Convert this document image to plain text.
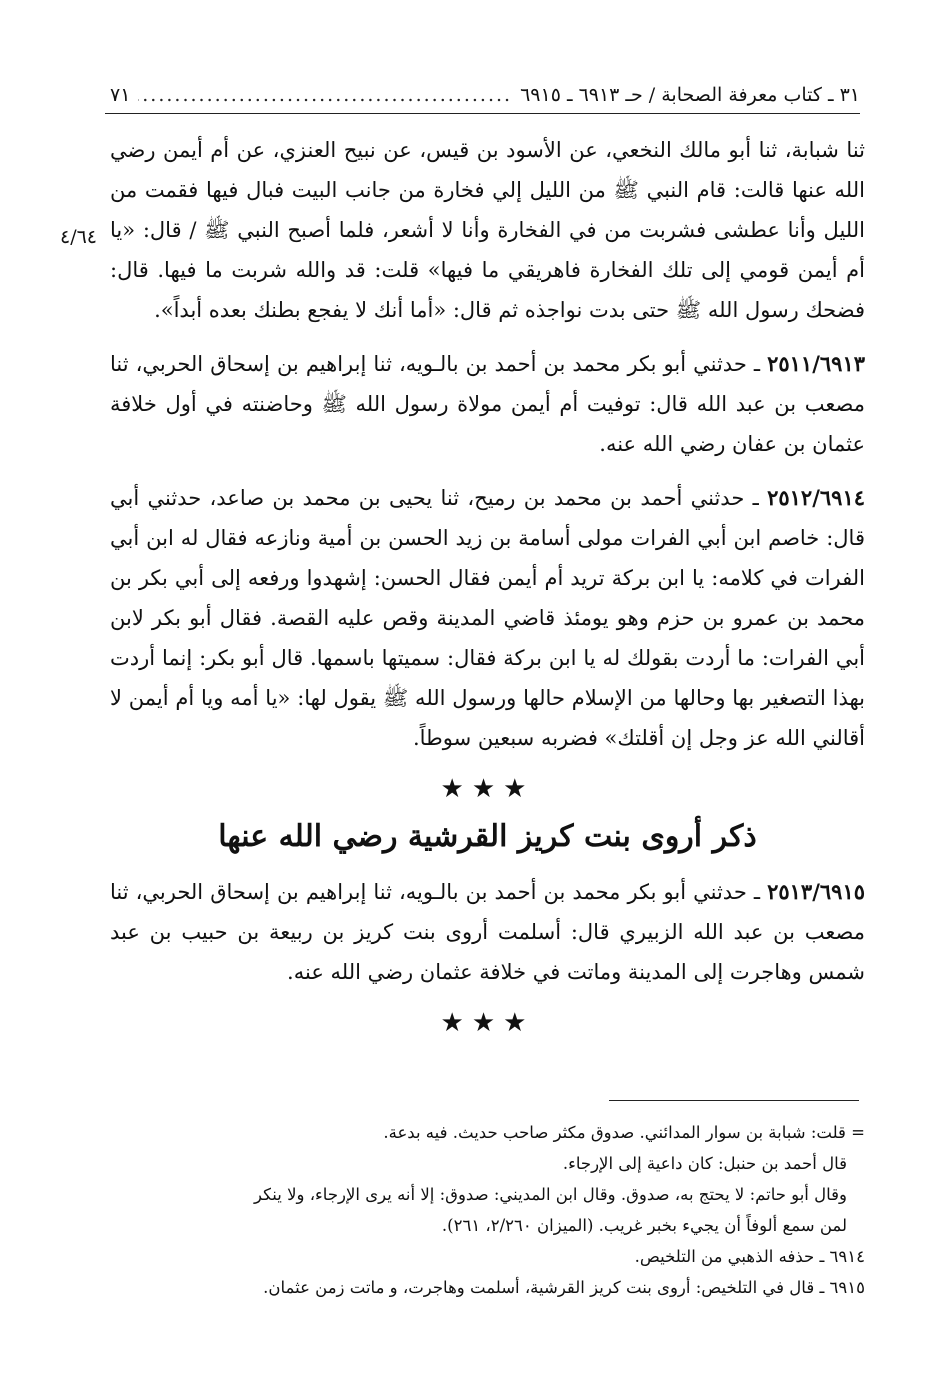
٣١ ـ كتاب معرفة الصحابة / حـ ٦٩١٣ ـ ٦٩١٥
.....
٧١
٤/٦٤

ثنا شبابة، ثنا أبو مالك النخعي، عن الأسود بن قيس، عن نبيح العنزي، عن أم أيمن رضي الله عنها قالت: قام النبي ﷺ من الليل إلي فخارة من جانب البيت فبال فيها فقمت من الليل وأنا عطشى فشربت من في الفخارة وأنا لا أشعر، فلما أصبح النبي ﷺ / قال: «يا أم أيمن قومي إلى تلك الفخارة فاهريقي ما فيها» قلت: قد والله شربت ما فيها. قال: فضحك رسول الله ﷺ حتى بدت نواجذه ثم قال: «أما أنك لا يفجع بطنك بعده أبداً».

٢٥١١/٦٩١٣ ـ حدثني أبو بكر محمد بن أحمد بن بالـويه، ثنا إبراهيم بن إسحاق الحربي، ثنا مصعب بن عبد الله قال: توفيت أم أيمن مولاة رسول الله ﷺ وحاضنته في أول خلافة عثمان بن عفان رضي الله عنه.

٢٥١٢/٦٩١٤ ـ حدثني أحمد بن محمد بن رميح، ثنا يحيى بن محمد بن صاعد، حدثني أبي قال: خاصم ابن أبي الفرات مولى أسامة بن زيد الحسن بن أمية ونازعه فقال له ابن أبي الفرات في كلامه: يا ابن بركة تريد أم أيمن فقال الحسن: إشهدوا ورفعه إلى أبي بكر بن محمد بن عمرو بن حزم وهو يومئذ قاضي المدينة وقص عليه القصة. فقال أبو بكر لابن أبي الفرات: ما أردت بقولك له يا ابن بركة فقال: سميتها باسمها. قال أبو بكر: إنما أردت بهذا التصغير بها وحالها من الإسلام حالها ورسول الله ﷺ يقول لها: «يا أمه ويا أم أيمن لا أقالني الله عز وجل إن أقلتك» فضربه سبعين سوطاً.

★★★
ذكر أروى بنت كريز القرشية رضي الله عنها

٢٥١٣/٦٩١٥ ـ حدثني أبو بكر محمد بن أحمد بن بالـويه، ثنا إبراهيم بن إسحاق الحربي، ثنا مصعب بن عبد الله الزبيري قال: أسلمت أروى بنت كريز بن ربيعة بن حبيب بن عبد شمس وهاجرت إلى المدينة وماتت في خلافة عثمان رضي الله عنه.

★★★
= قلت: شبابة بن سوار المدائني. صدوق مكثر صاحب حديث. فيه بدعة.
قال أحمد بن حنبل: كان داعية إلى الإرجاء.
وقال أبو حاتم: لا يحتج به، صدوق. وقال ابن المديني: صدوق: إلا أنه يرى الإرجاء، ولا ينكر
لمن سمع ألوفاً أن يجيء بخبر غريب. (الميزان ٢/٢٦٠، ٢٦١).
٦٩١٤ ـ حذفه الذهبي من التلخيص.
٦٩١٥ ـ قال في التلخيص: أروى بنت كريز القرشية، أسلمت وهاجرت، و ماتت زمن عثمان.
